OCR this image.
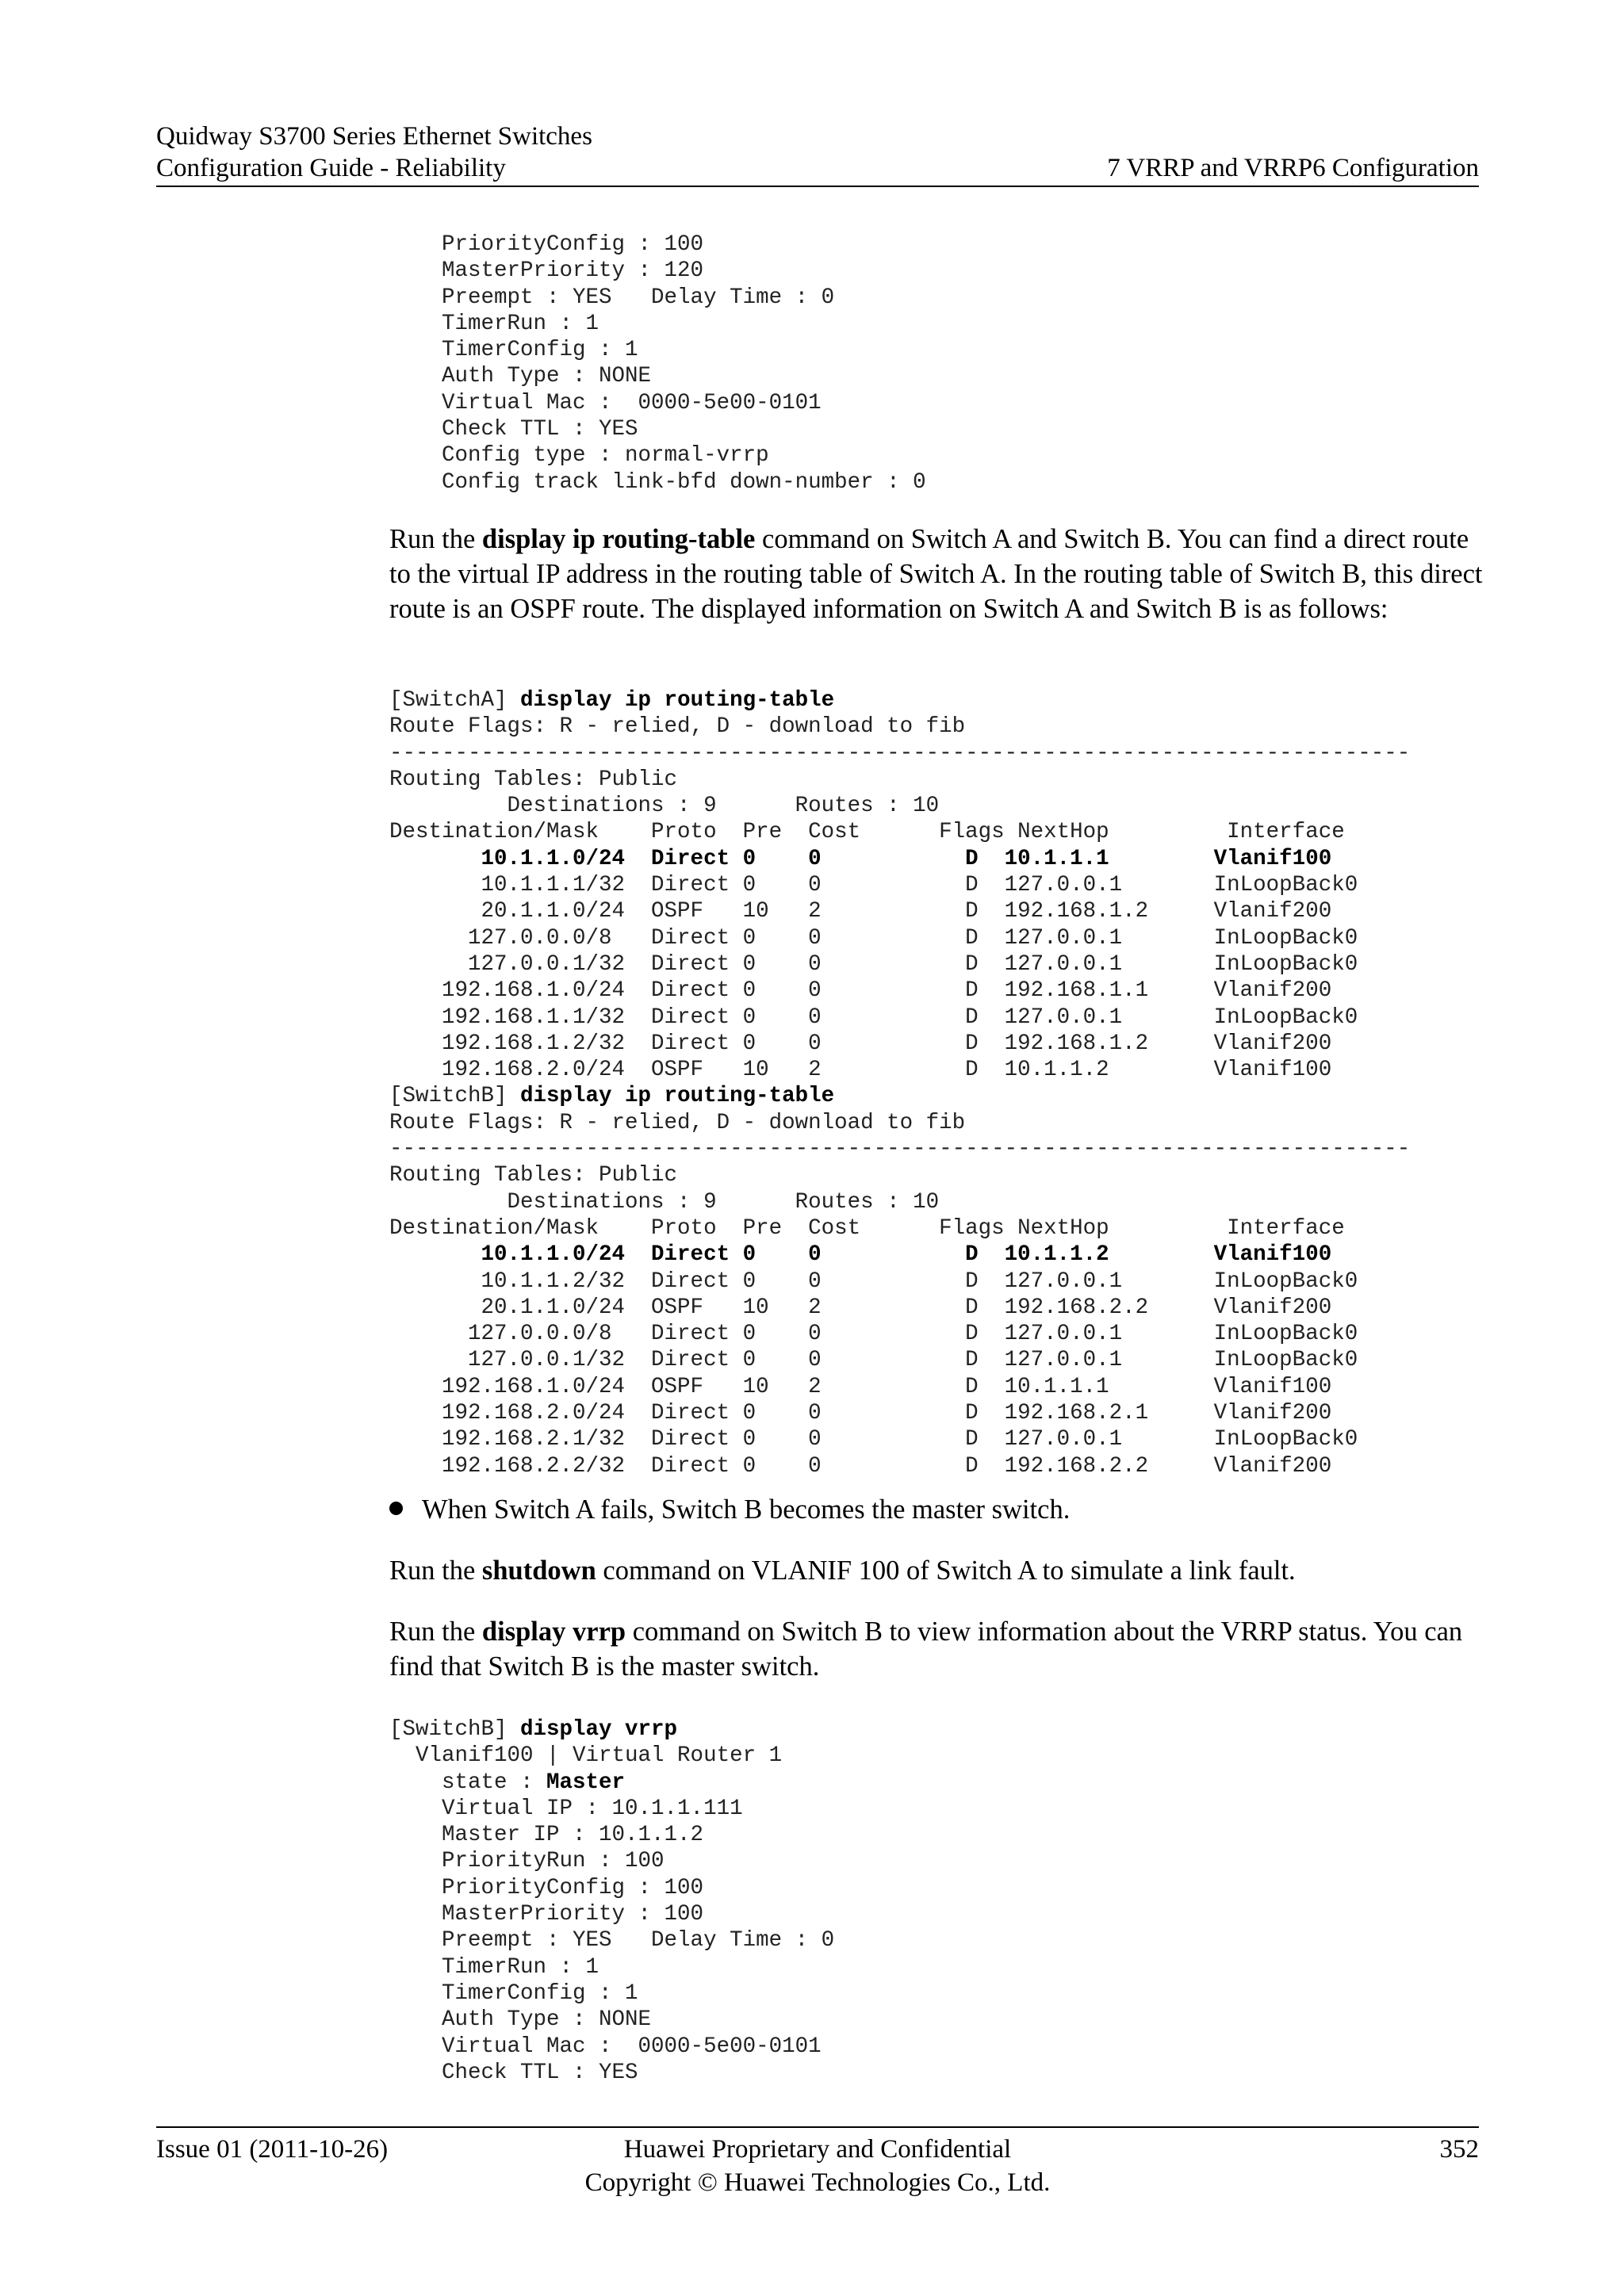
Quidway S3700 Series Ethernet Switches
Configuration Guide - Reliability	7 VRRP and VRRP6 Configuration
PriorityConfig : 100
MasterPriority : 120
Preempt : YES   Delay Time : 0
TimerRun : 1
TimerConfig : 1
Auth Type : NONE
Virtual Mac :  0000-5e00-0101
Check TTL : YES
Config type : normal-vrrp
Config track link-bfd down-number : 0

Run the display ip routing-table command on Switch A and Switch B. You can find a direct route to the virtual IP address in the routing table of Switch A. In the routing table of Switch B, this direct route is an OSPF route. The displayed information on Switch A and Switch B is as follows:

[SwitchA] display ip routing-table
Route Flags: R - relied, D - download to fib
------------------------------------------------------------------------------
Routing Tables: Public
Destinations : 9      Routes : 10
Destination/Mask    Proto  Pre  Cost      Flags NextHop         Interface
10.1.1.0/24  Direct 0    0           D  10.1.1.1        Vlanif100
10.1.1.1/32  Direct 0    0           D  127.0.0.1       InLoopBack0
20.1.1.0/24  OSPF   10   2           D  192.168.1.2     Vlanif200
127.0.0.0/8   Direct 0    0           D  127.0.0.1       InLoopBack0
127.0.0.1/32  Direct 0    0           D  127.0.0.1       InLoopBack0
192.168.1.0/24  Direct 0    0           D  192.168.1.1     Vlanif200
192.168.1.1/32  Direct 0    0           D  127.0.0.1       InLoopBack0
192.168.1.2/32  Direct 0    0           D  192.168.1.2     Vlanif200
192.168.2.0/24  OSPF   10   2           D  10.1.1.2        Vlanif100
[SwitchB] display ip routing-table
Route Flags: R - relied, D - download to fib
------------------------------------------------------------------------------
Routing Tables: Public
Destinations : 9      Routes : 10
Destination/Mask    Proto  Pre  Cost      Flags NextHop         Interface
10.1.1.0/24  Direct 0    0           D  10.1.1.2        Vlanif100
10.1.1.2/32  Direct 0    0           D  127.0.0.1       InLoopBack0
20.1.1.0/24  OSPF   10   2           D  192.168.2.2     Vlanif200
127.0.0.0/8   Direct 0    0           D  127.0.0.1       InLoopBack0
127.0.0.1/32  Direct 0    0           D  127.0.0.1       InLoopBack0
192.168.1.0/24  OSPF   10   2           D  10.1.1.1        Vlanif100
192.168.2.0/24  Direct 0    0           D  192.168.2.1     Vlanif200
192.168.2.1/32  Direct 0    0           D  127.0.0.1       InLoopBack0
192.168.2.2/32  Direct 0    0           D  192.168.2.2     Vlanif200
When Switch A fails, Switch B becomes the master switch.

Run the shutdown command on VLANIF 100 of Switch A to simulate a link fault.

Run the display vrrp command on Switch B to view information about the VRRP status. You can find that Switch B is the master switch.

[SwitchB] display vrrp
Vlanif100 | Virtual Router 1
state : Master
Virtual IP : 10.1.1.111
Master IP : 10.1.1.2
PriorityRun : 100
PriorityConfig : 100
MasterPriority : 100
Preempt : YES   Delay Time : 0
TimerRun : 1
TimerConfig : 1
Auth Type : NONE
Virtual Mac :  0000-5e00-0101
Check TTL : YES
Issue 01 (2011-10-26)	Huawei Proprietary and Confidential
Copyright © Huawei Technologies Co., Ltd.
352
